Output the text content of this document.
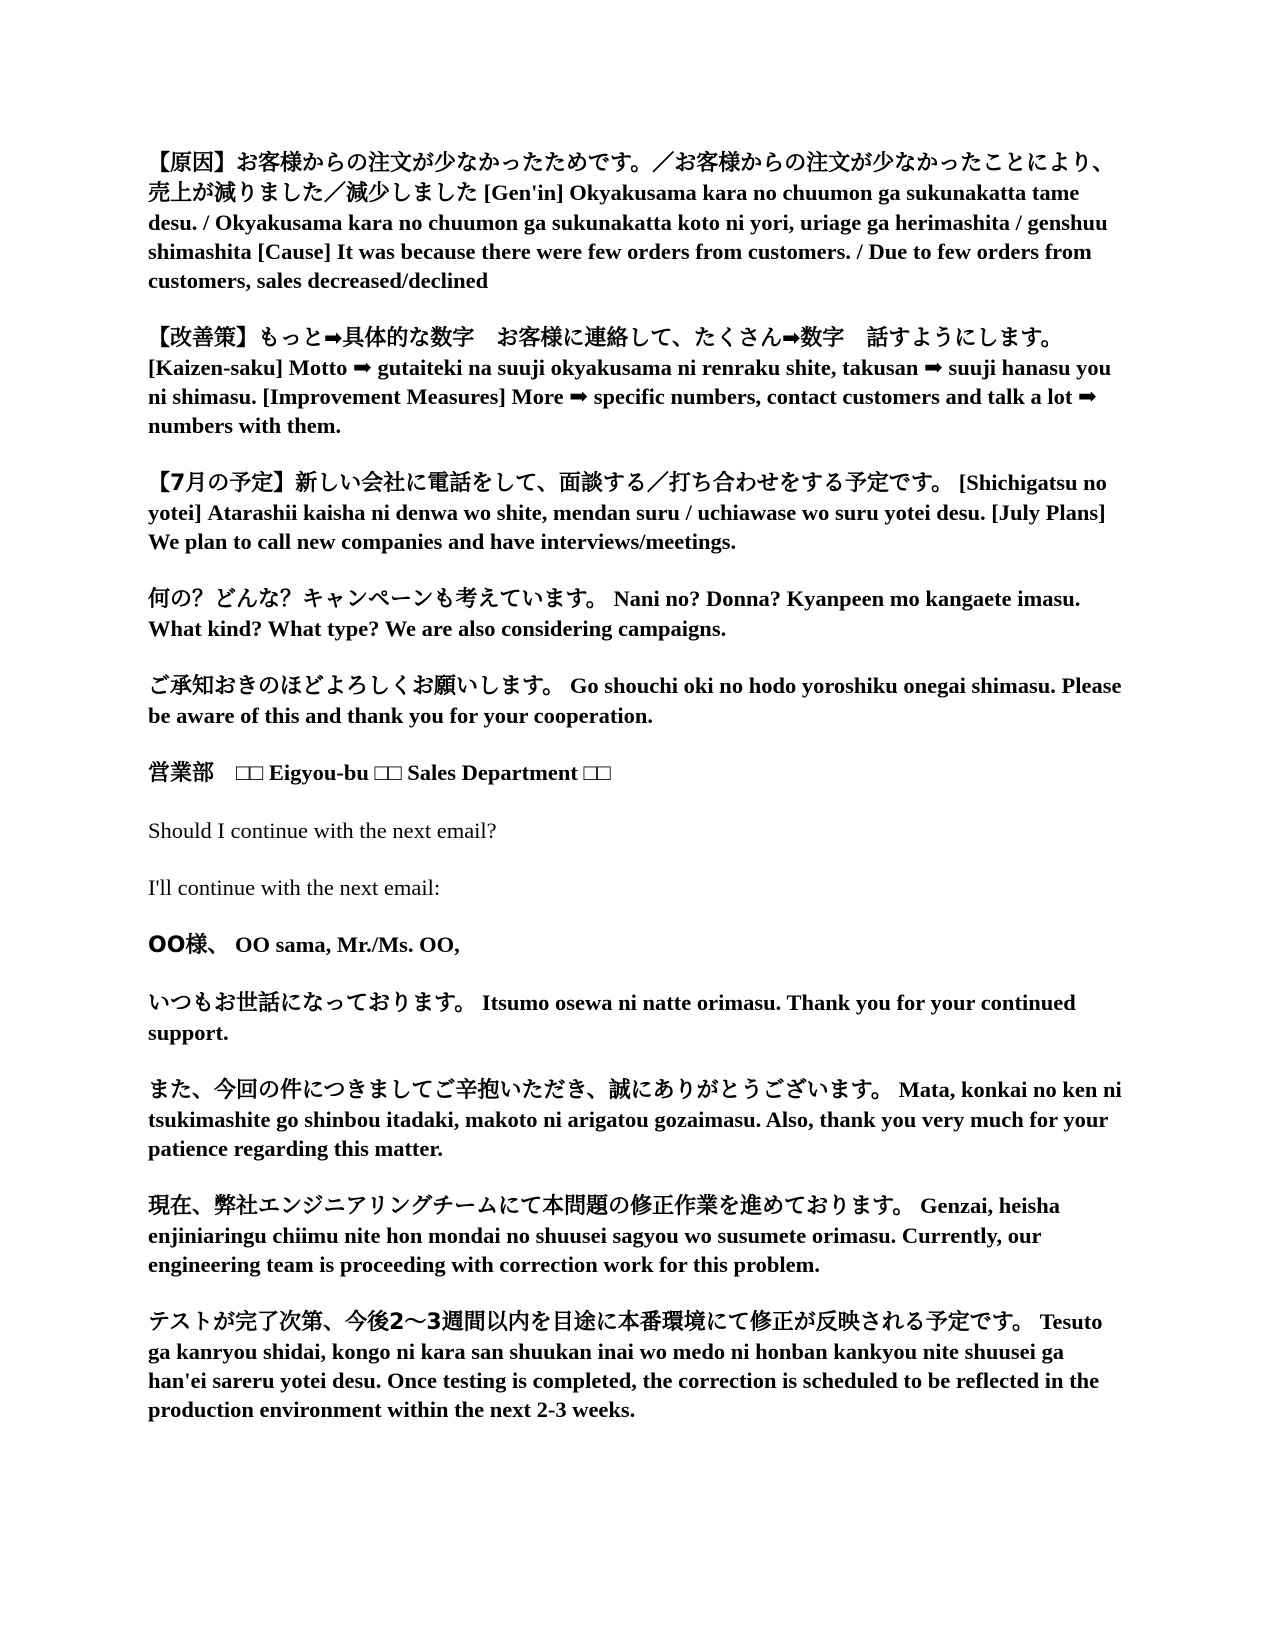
【原因】お客様からの注文が少なかったためです。／お客様からの注文が少なかったことにより、売上が減りました／減少しました [Gen'in] Okyakusama kara no chuumon ga sukunakatta tame desu. / Okyakusama kara no chuumon ga sukunakatta koto ni yori, uriage ga herimashita / genshuu shimashita [Cause] It was because there were few orders from customers. / Due to few orders from customers, sales decreased/declined

【改善策】もっと➡具体的な数字　お客様に連絡して、たくさん➡数字　話すようにします。 [Kaizen-saku] Motto ➡ gutaiteki na suuji okyakusama ni renraku shite, takusan ➡ suuji hanasu you ni shimasu. [Improvement Measures] More ➡ specific numbers, contact customers and talk a lot ➡ numbers with them.

【7月の予定】新しい会社に電話をして、面談する／打ち合わせをする予定です。 [Shichigatsu no yotei] Atarashii kaisha ni denwa wo shite, mendan suru / uchiawase wo suru yotei desu. [July Plans] We plan to call new companies and have interviews/meetings.

何の？どんな？キャンペーンも考えています。 Nani no? Donna? Kyanpeen mo kangaete imasu. What kind? What type? We are also considering campaigns.

ご承知おきのほどよろしくお願いします。 Go shouchi oki no hodo yoroshiku onegai shimasu. Please be aware of this and thank you for your cooperation.

営業部　□□ Eigyou-bu □□ Sales Department □□

Should I continue with the next email?

I'll continue with the next email:

OO様、 OO sama, Mr./Ms. OO,

いつもお世話になっております。 Itsumo osewa ni natte orimasu. Thank you for your continued support.

また、今回の件につきましてご辛抱いただき、誠にありがとうございます。 Mata, konkai no ken ni tsukimashite go shinbou itadaki, makoto ni arigatou gozaimasu. Also, thank you very much for your patience regarding this matter.

現在、弊社エンジニアリングチームにて本問題の修正作業を進めております。 Genzai, heisha enjiniaringu chiimu nite hon mondai no shuusei sagyou wo susumete orimasu. Currently, our engineering team is proceeding with correction work for this problem.

テストが完了次第、今後2〜3週間以内を目途に本番環境にて修正が反映される予定です。 Tesuto ga kanryou shidai, kongo ni kara san shuukan inai wo medo ni honban kankyou nite shuusei ga han'ei sareru yotei desu. Once testing is completed, the correction is scheduled to be reflected in the production environment within the next 2-3 weeks.
